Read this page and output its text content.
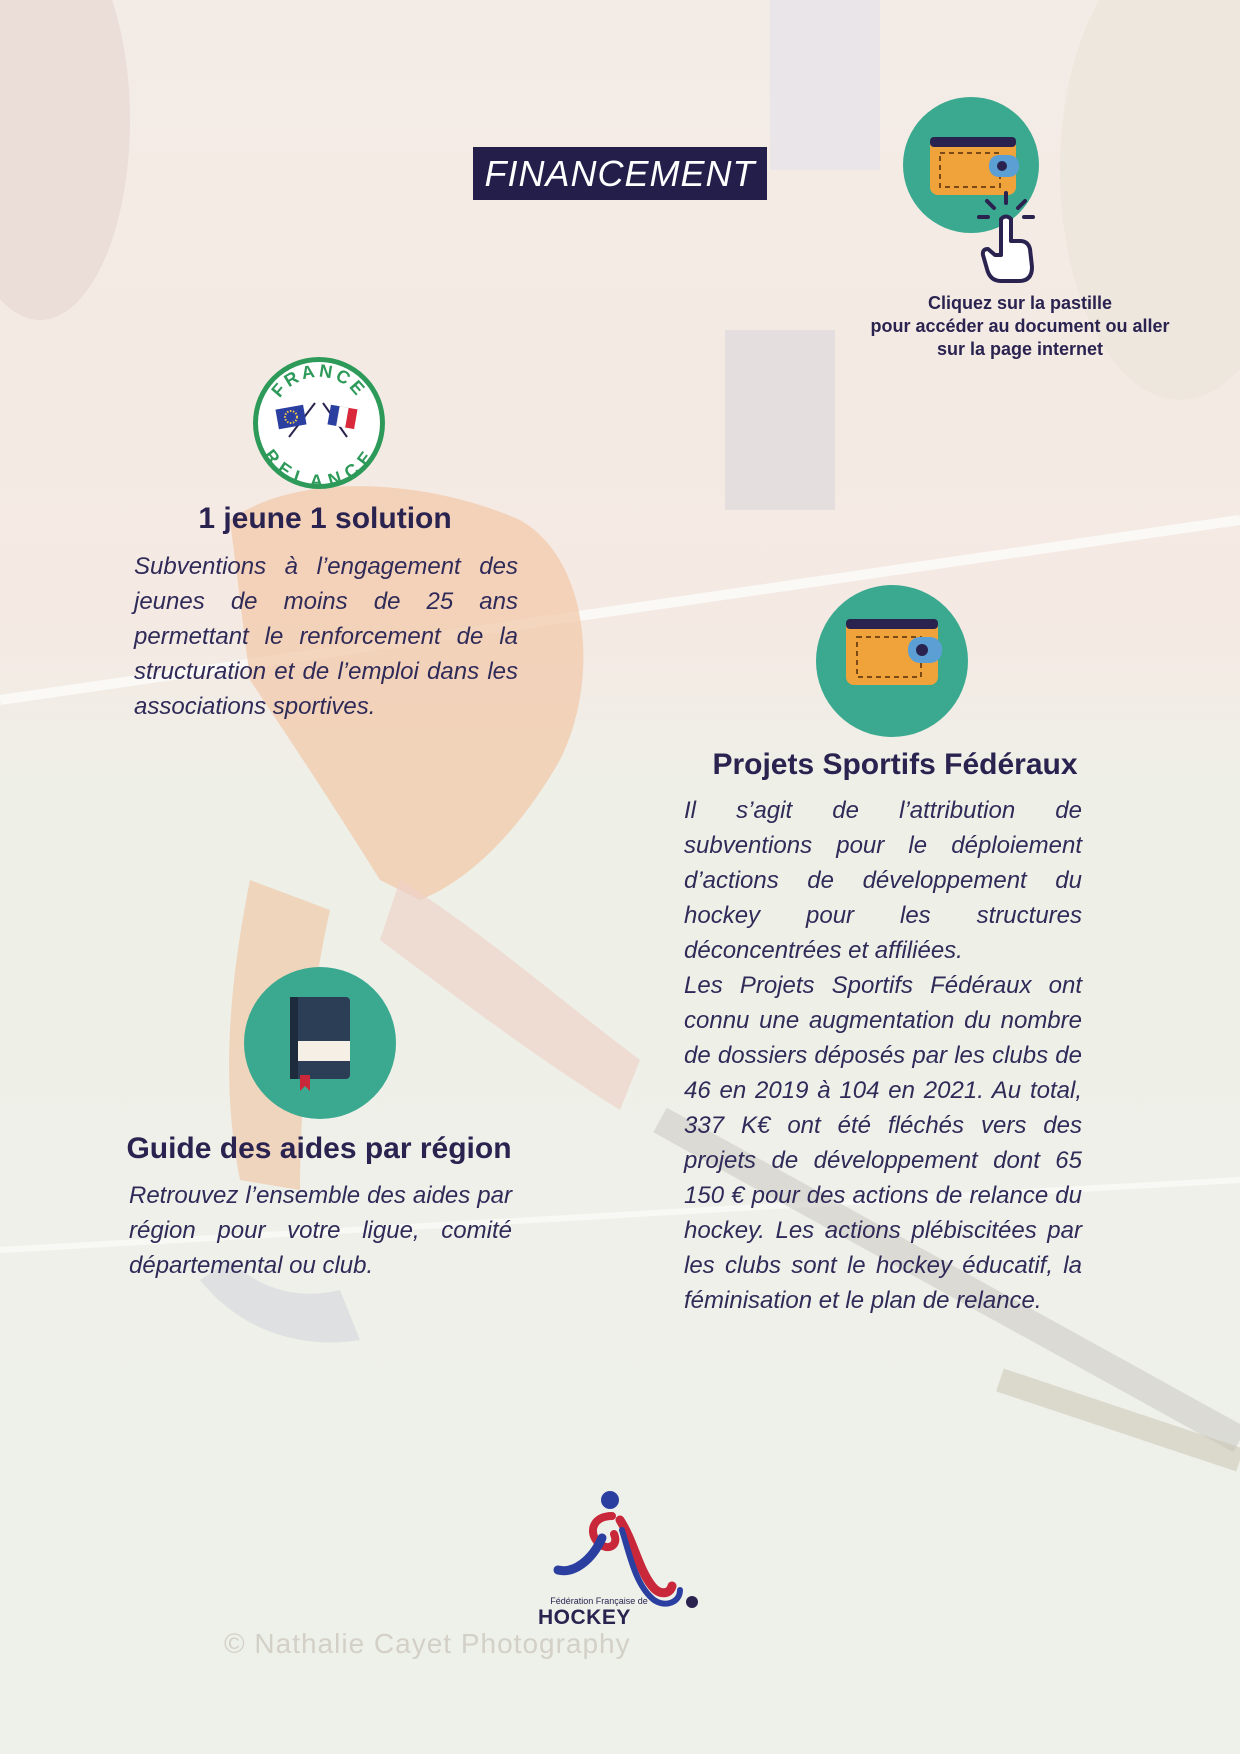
FINANCEMENT
Cliquez sur la pastille
pour accéder au document ou aller
sur la page internet
FRANCE
RELANCE
1 jeune 1 solution
Subventions à l’engagement des jeunes de moins de 25 ans permettant le renforcement de la structuration et de l’emploi dans les associations sportives.
Projets Sportifs Fédéraux
Il s’agit de l’attribution de subventions pour le déploiement d’actions de développement du hockey pour les structures déconcentrées et affiliées.
Les Projets Sportifs Fédéraux ont connu une augmentation du nombre de dossiers déposés par les clubs de 46 en 2019 à 104 en 2021. Au total, 337 K€ ont été fléchés vers des projets de développement dont 65 150 € pour des actions de relance du hockey. Les actions plébiscitées par les clubs sont le hockey éducatif, la féminisation et le plan de relance.
Guide des aides par région
Retrouvez l’ensemble des aides par région pour votre ligue, comité départemental ou club.
Fédération Française de
HOCKEY
© Nathalie Cayet Photography
